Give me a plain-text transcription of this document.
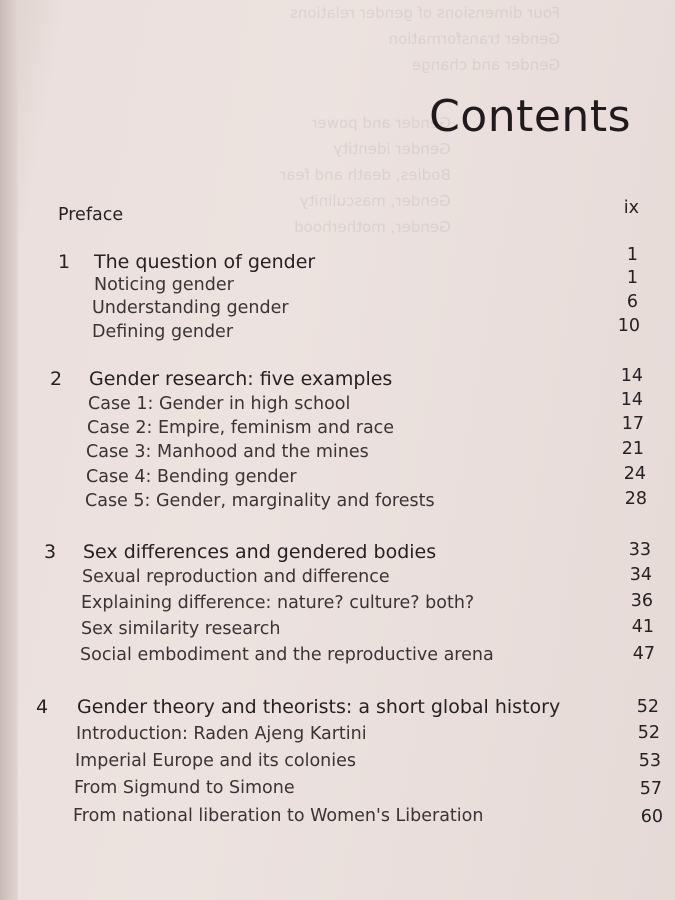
Four dimensions of gender relations
Gender transformation
Gender and change
Gender and power
Gender identity
Bodies, death and fear
Gender, masculinity
Gender, motherhood
Contents
Preface	ix
1 The question of gender	1
Noticing gender	1
Understanding gender	6
Defining gender	10
2 Gender research: five examples	14
Case 1: Gender in high school	14
Case 2: Empire, feminism and race	17
Case 3: Manhood and the mines	21
Case 4: Bending gender	24
Case 5: Gender, marginality and forests	28
3 Sex differences and gendered bodies	33
Sexual reproduction and difference	34
Explaining difference: nature? culture? both?	36
Sex similarity research	41
Social embodiment and the reproductive arena	47
4 Gender theory and theorists: a short global history	52
Introduction: Raden Ajeng Kartini	52
Imperial Europe and its colonies	53
From Sigmund to Simone	57
From national liberation to Women's Liberation	60
